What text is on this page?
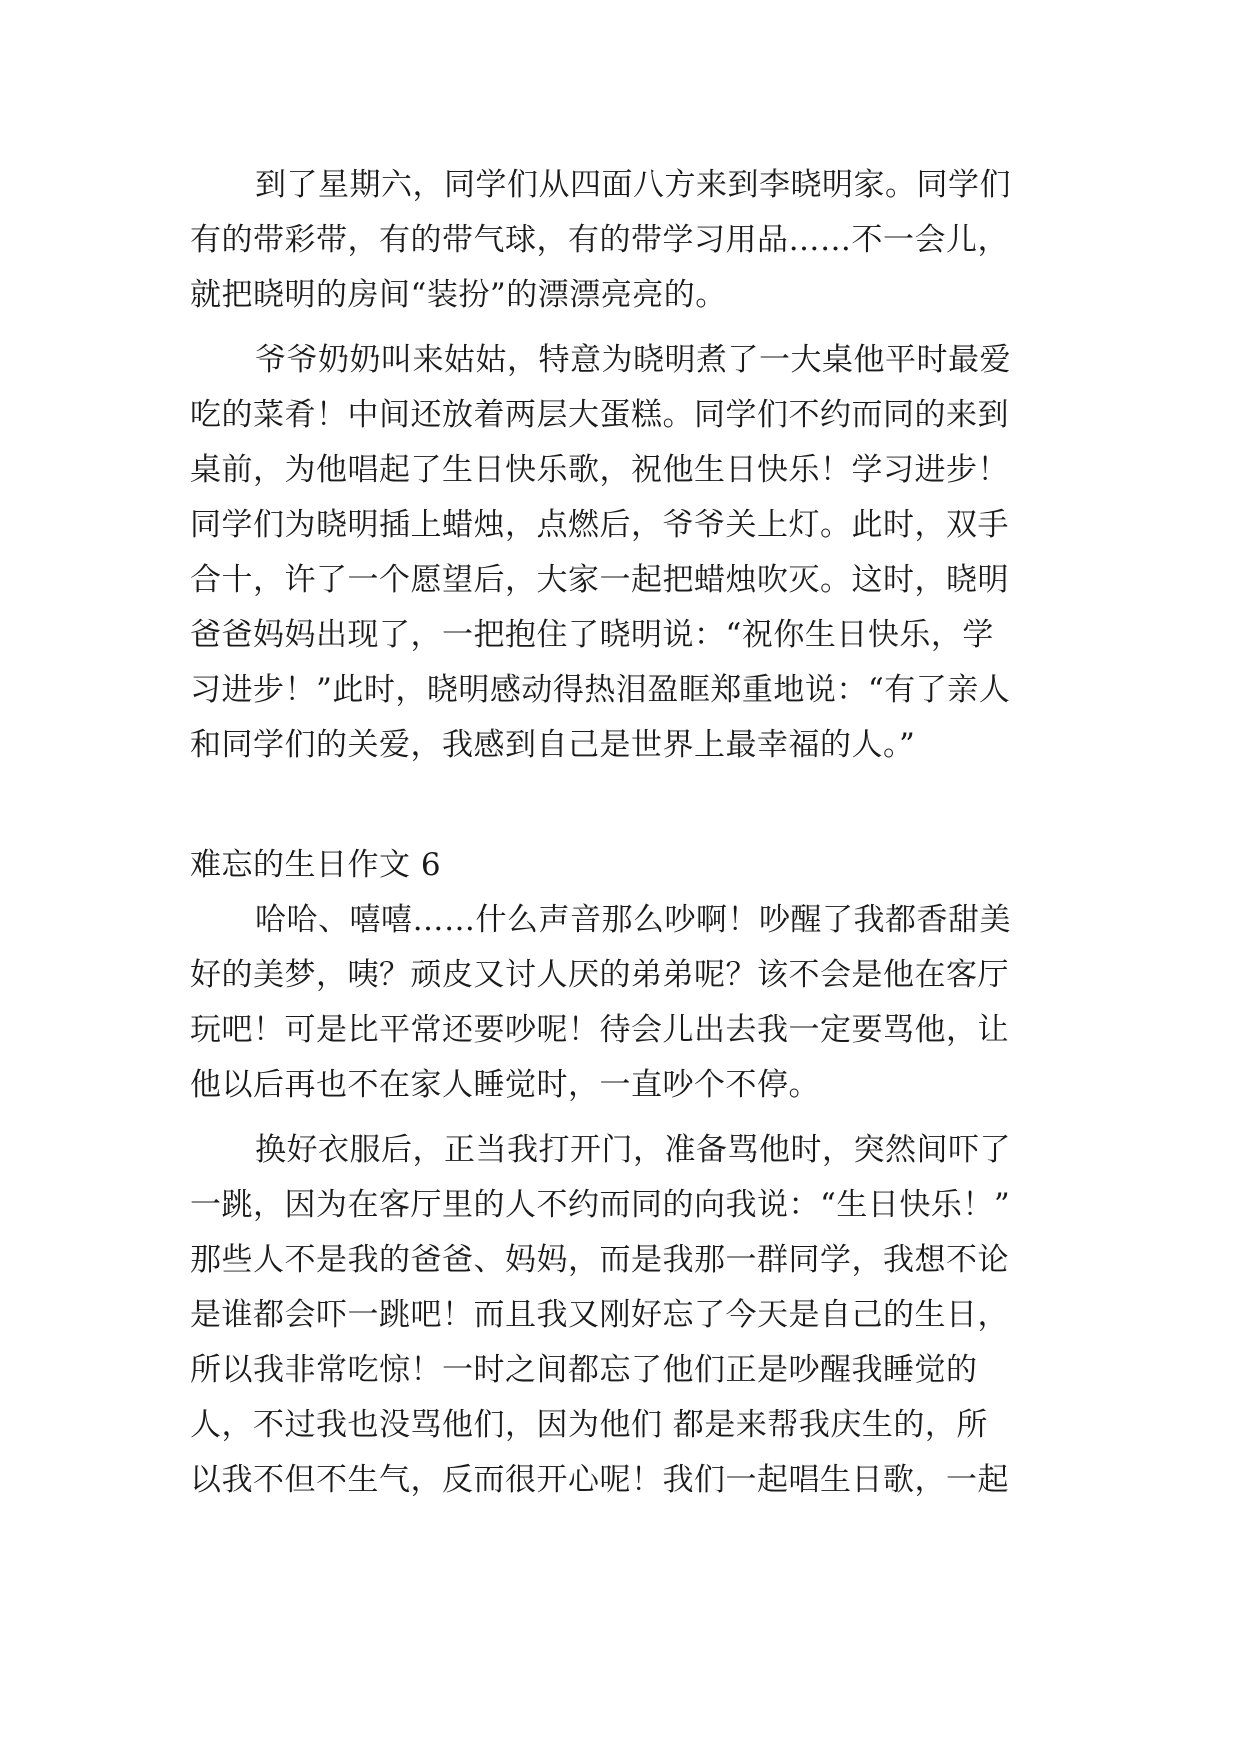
到了星期六，同学们从四面八方来到李晓明家。同学们
有的带彩带，有的带气球，有的带学习用品……不一会儿，
就把晓明的房间“装扮”的漂漂亮亮的。
爷爷奶奶叫来姑姑，特意为晓明煮了一大桌他平时最爱
吃的菜肴！中间还放着两层大蛋糕。同学们不约而同的来到
桌前，为他唱起了生日快乐歌，祝他生日快乐！学习进步！
同学们为晓明插上蜡烛，点燃后，爷爷关上灯。此时，双手
合十，许了一个愿望后，大家一起把蜡烛吹灭。这时，晓明
爸爸妈妈出现了，一把抱住了晓明说：“祝你生日快乐，学
习进步！”此时，晓明感动得热泪盈眶郑重地说：“有了亲人
和同学们的关爱，我感到自己是世界上最幸福的人。”
难忘的生日作文 6
哈哈、嘻嘻……什么声音那么吵啊！吵醒了我都香甜美
好的美梦，咦？顽皮又讨人厌的弟弟呢？该不会是他在客厅
玩吧！可是比平常还要吵呢！待会儿出去我一定要骂他，让
他以后再也不在家人睡觉时，一直吵个不停。
换好衣服后，正当我打开门，准备骂他时，突然间吓了
一跳，因为在客厅里的人不约而同的向我说：“生日快乐！”
那些人不是我的爸爸、妈妈，而是我那一群同学，我想不论
是谁都会吓一跳吧！而且我又刚好忘了今天是自己的生日，
所以我非常吃惊！一时之间都忘了他们正是吵醒我睡觉的
人，不过我也没骂他们，因为他们 都是来帮我庆生的，所
以我不但不生气，反而很开心呢！我们一起唱生日歌，一起
